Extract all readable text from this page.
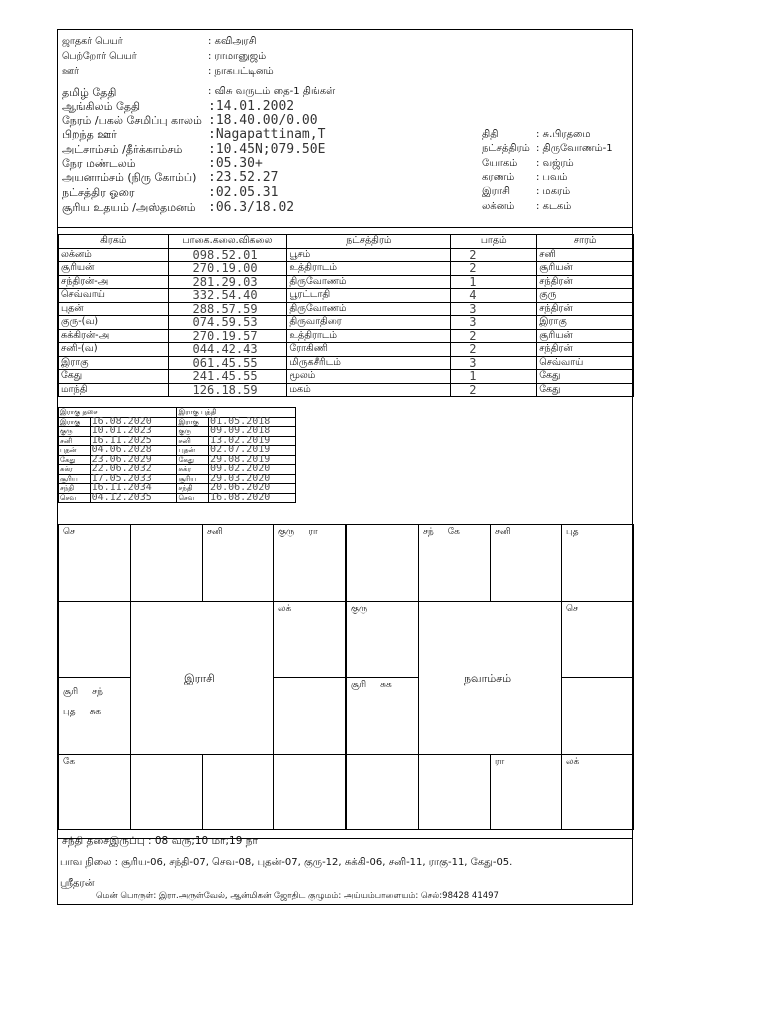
ஜாதகர் பெயர்	: கவிஅரசி
பெற்றோர் பெயர்	: ராமானுஜம்
ஊர்	: நாகபட்டினம்
தமிழ் தேதி	: விசு வருடம் தை-1 திங்கள்
ஆங்கிலம் தேதி	:14.01.2002
நேரம் /பகல் சேமிப்பு காலம் :18.40.00/0.00
பிறந்த ஊர்	:Nagapattinam,T
அட்சாம்சம் /தீர்க்காம்சம் :10.45N;079.50E
நேர மண்டலம்	:05.30+
அயனாம்சம் (நிரு கோம்ப்) :23.52.27
நட்சத்திர ஓரை	:02.05.31
சூரிய உதயம் /அஸ்தமனம் :06.3/18.02
திதி	: சு.பிரதமை
நட்சத்திரம் : திருவோணம்-1
யோகம் : வஜ்ரம்
கரணம் : பவம்
இராசி	: மகரம்
லக்னம் : கடகம்
கிரகம்	பாகை.கலை.விகலை	நட்சத்திரம்	பாதம்	சாரம்
லக்னம்	098.52.01	பூசம்	2	சனி
சூரியன்	270.19.00	உத்திராடம்	2	சூரியன்
சந்திரன்-அ	281.29.03	திருவோணம்	1	சந்திரன்
செவ்வாய்	332.54.40	பூரட்டாதி	4	குரு
புதன்	288.57.59	திருவோணம்	3	சந்திரன்
குரு-(வ)	074.59.53	திருவாதிரை	3	இராகு
சுக்கிரன்-அ	270.19.57	உத்திராடம்	2	சூரியன்
சனி-(வ)	044.42.43	ரோகிணி	2	சந்திரன்
இராகு	061.45.55	மிருகசீரிடம்	3	செவ்வாய்
கேது	241.45.55	மூலம்	1	கேது
மாந்தி	126.18.59	மகம்	2	கேது
இராகு தசை		இராகு புத்தி	
இராகு	16.08.2020	இராகு	01.05.2018
குரு	10.01.2023	குரு	09.09.2018
சனி	16.11.2025	சனி	13.02.2019
புதன்	04.06.2028	புதன்	02.07.2019
கேது	23.06.2029	கேது	29.08.2019
சுக்ர	22.06.2032	சுக்ர	09.02.2020
சூரிய	17.05.2033	சூரிய	29.03.2020
சந்தி	16.11.2034	சந்தி	20.06.2020
செவ	04.12.2035	செவ	16.08.2020
செ	சனி	குரு ரா
லக்
சூரி சந்
புத சுக
கே
இராசி
சந் கே	சனி	புத
குரு	செ
சூரி சுக
ரா	லக்
நவாம்சம்
சந்தி தசைஇருப்பு : 08 வரு;10 மா;19 நா
பாவ நிலை : சூரிய-06, சந்தி-07, செவ-08, புதன்-07, குரு-12, சுக்கி-06, சனி-11, ராகு-11, கேது-05.
ஸ்ரீதரன்
மென் பொருள்: இரா.அருள்வேல், ஆன்மிகன் ஜோதிட குழுமம்: அய்யம்பாளையம்: செல்:98428 41497
